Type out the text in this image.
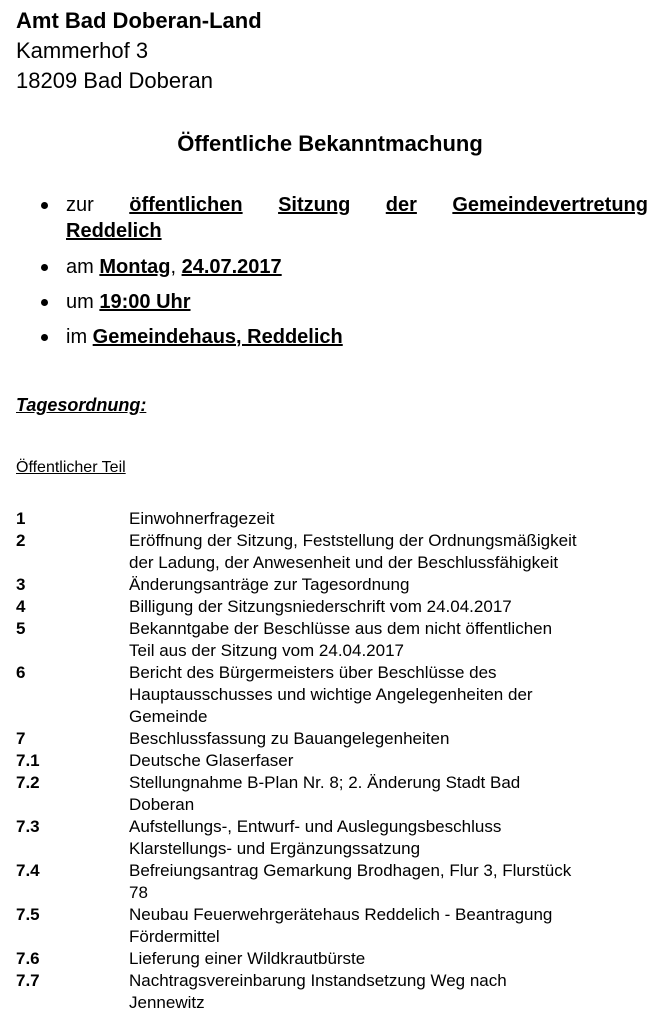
Amt Bad Doberan-Land
Kammerhof 3
18209 Bad Doberan
Öffentliche Bekanntmachung
zur öffentlichen Sitzung der Gemeindevertretung
Reddelich
am Montag, 24.07.2017
um 19:00 Uhr
im Gemeindehaus, Reddelich
Tagesordnung:
Öffentlicher Teil
1	Einwohnerfragezeit
2	Eröffnung der Sitzung, Feststellung der Ordnungsmäßigkeit
der Ladung, der Anwesenheit und der Beschlussfähigkeit
3	Änderungsanträge zur Tagesordnung
4	Billigung der Sitzungsniederschrift vom 24.04.2017
5	Bekanntgabe der Beschlüsse aus dem nicht öffentlichen
Teil aus der Sitzung vom 24.04.2017
6	Bericht des Bürgermeisters über Beschlüsse des
Hauptausschusses und wichtige Angelegenheiten der
Gemeinde
7	Beschlussfassung zu Bauangelegenheiten
7.1	Deutsche Glaserfaser
7.2	Stellungnahme B-Plan Nr. 8; 2. Änderung Stadt Bad
Doberan
7.3	Aufstellungs-, Entwurf- und Auslegungsbeschluss
Klarstellungs- und Ergänzungssatzung
7.4	Befreiungsantrag Gemarkung Brodhagen, Flur 3, Flurstück
78
7.5	Neubau Feuerwehrgerätehaus Reddelich - Beantragung
Fördermittel
7.6	Lieferung einer Wildkrautbürste
7.7	Nachtragsvereinbarung Instandsetzung Weg nach
Jennewitz
